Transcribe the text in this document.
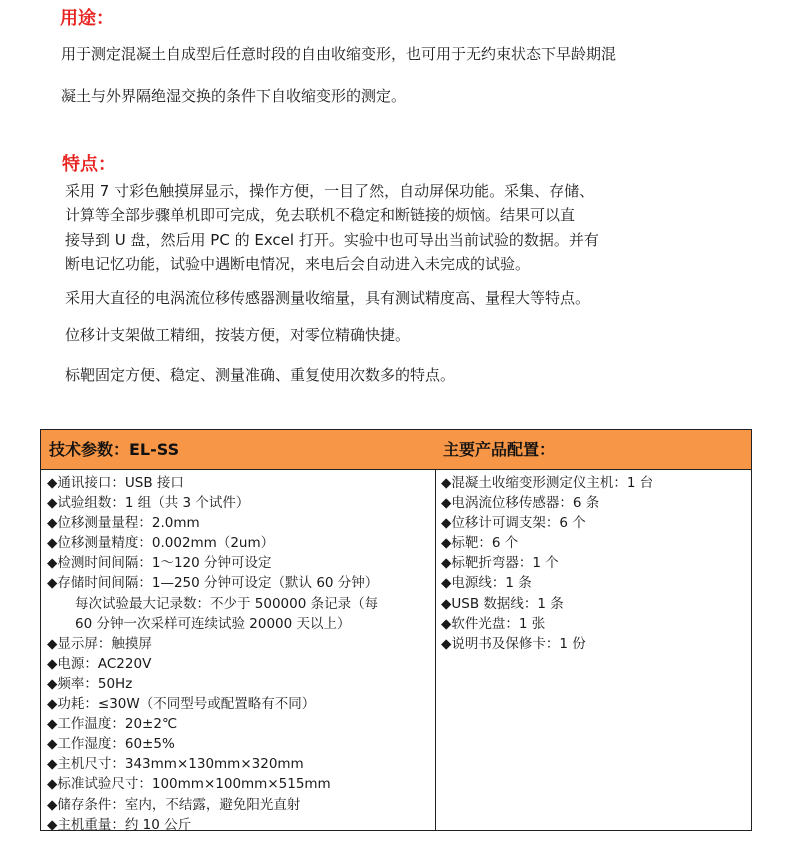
用途：

用于测定混凝土自成型后任意时段的自由收缩变形，也可用于无约束状态下早龄期混

凝土与外界隔绝湿交换的条件下自收缩变形的测定。

特点：

采用 7 寸彩色触摸屏显示，操作方便，一目了然，自动屏保功能。采集、存储、

计算等全部步骤单机即可完成，免去联机不稳定和断链接的烦恼。结果可以直

接导到 U 盘，然后用 PC 的 Excel 打开。实验中也可导出当前试验的数据。并有

断电记忆功能，试验中遇断电情况，来电后会自动进入未完成的试验。

采用大直径的电涡流位移传感器测量收缩量，具有测试精度高、量程大等特点。

位移计支架做工精细，按装方便，对零位精确快捷。

标靶固定方便、稳定、测量准确、重复使用次数多的特点。

技术参数：EL-SS
◆通讯接口：USB 接口
◆试验组数：1 组（共 3 个试件）
◆位移测量量程：2.0mm
◆位移测量精度：0.002mm（2um）
◆检测时间间隔：1～120 分钟可设定
◆存储时间间隔：1—250 分钟可设定（默认 60 分钟）
每次试验最大记录数：不少于 500000 条记录（每
60 分钟一次采样可连续试验 20000 天以上）
◆显示屏：触摸屏
◆电源：AC220V
◆频率：50Hz
◆功耗：≤30W（不同型号或配置略有不同）
◆工作温度：20±2℃
◆工作湿度：60±5%
◆主机尺寸：343mm×130mm×320mm
◆标准试验尺寸：100mm×100mm×515mm
◆储存条件：室内，不结露，避免阳光直射
◆主机重量：约 10 公斤
主要产品配置：
◆混凝土收缩变形测定仪主机：1 台
◆电涡流位移传感器：6 条
◆位移计可调支架：6 个
◆标靶：6 个
◆标靶折弯器：1 个
◆电源线：1 条
◆USB 数据线：1 条
◆软件光盘：1 张
◆说明书及保修卡：1 份
